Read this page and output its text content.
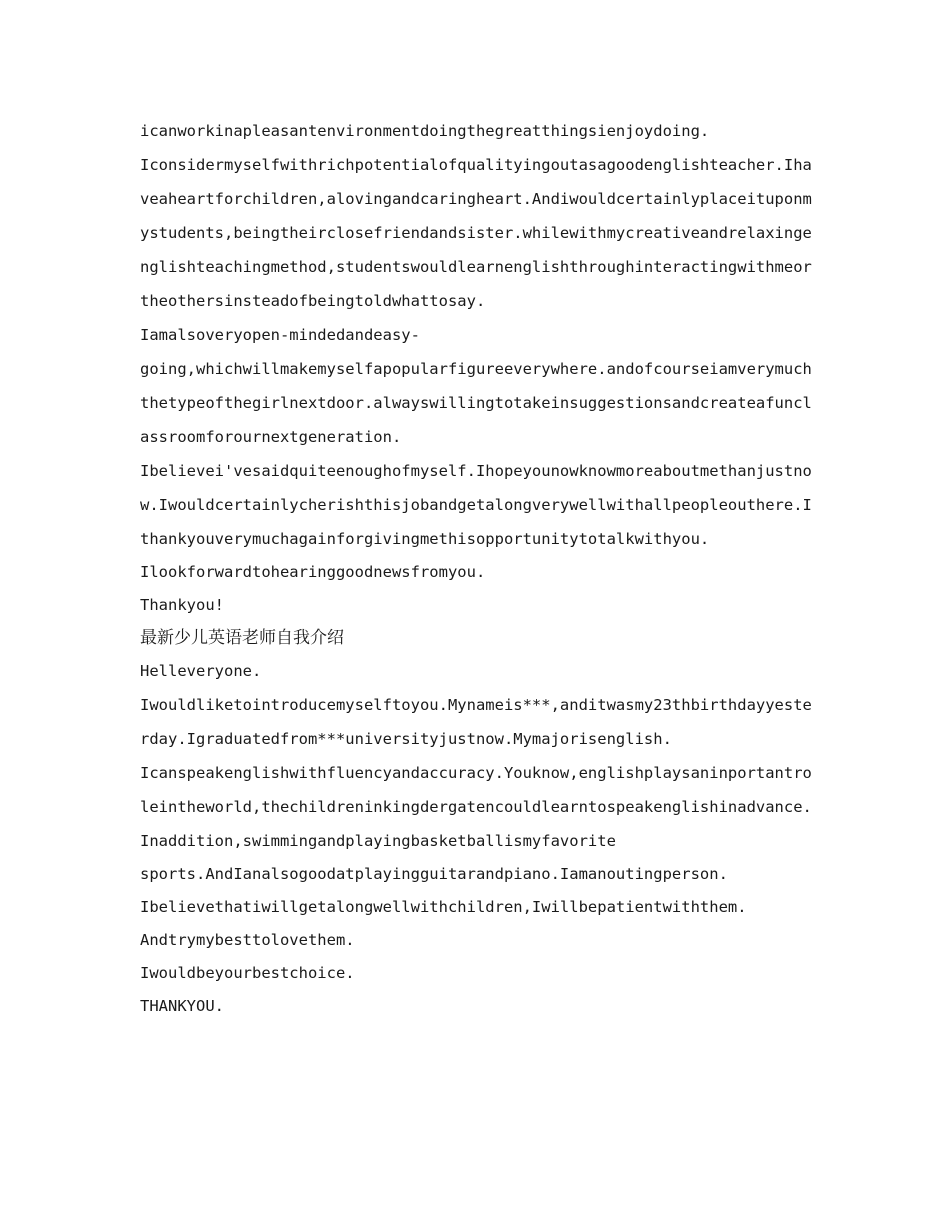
icanworkinapleasantenvironmentdoingthegreatthingsienjoydoing.
Iconsidermyselfwithrichpotentialofqualityingoutasagoodenglishteacher.Iha
veaheartforchildren,alovingandcaringheart.Andiwouldcertainlyplaceituponm
ystudents,beingtheirclosefriendandsister.whilewithmycreativeandrelaxinge
nglishteachingmethod,studentswouldlearnenglishthroughinteractingwithmeor
theothersinsteadofbeingtoldwhattosay.
Iamalsoveryopen-mindedandeasy-
going,whichwillmakemyselfapopularfigureeverywhere.andofcourseiamverymuch
thetypeofthegirlnextdoor.alwayswillingtotakeinsuggestionsandcreateafuncl
assroomforournextgeneration.
Ibelievei'vesaidquiteenoughofmyself.Ihopeyounowknowmoreaboutmethanjustno
w.Iwouldcertainlycherishthisjobandgetalongverywellwithallpeopleouthere.I
thankyouverymuchagainforgivingmethisopportunitytotalkwithyou.
Ilookforwardtohearinggoodnewsfromyou.
Thankyou!
最新少儿英语老师自我介绍
Helleveryone.
Iwouldliketointroducemyselftoyou.Mynameis***,anditwasmy23thbirthdayyeste
rday.Igraduatedfrom***universityjustnow.Mymajorisenglish.
Icanspeakenglishwithfluencyandaccuracy.Youknow,englishplaysaninportantro
leintheworld,thechildreninkingdergatencouldlearntospeakenglishinadvance.
Inaddition,swimmingandplayingbasketballismyfavorite
sports.AndIanalsogoodatplayingguitarandpiano.Iamanoutingperson.
Ibelievethatiwillgetalongwellwithchildren,Iwillbepatientwiththem.
Andtrymybesttolovethem.
Iwouldbeyourbestchoice.
THANKYOU.
